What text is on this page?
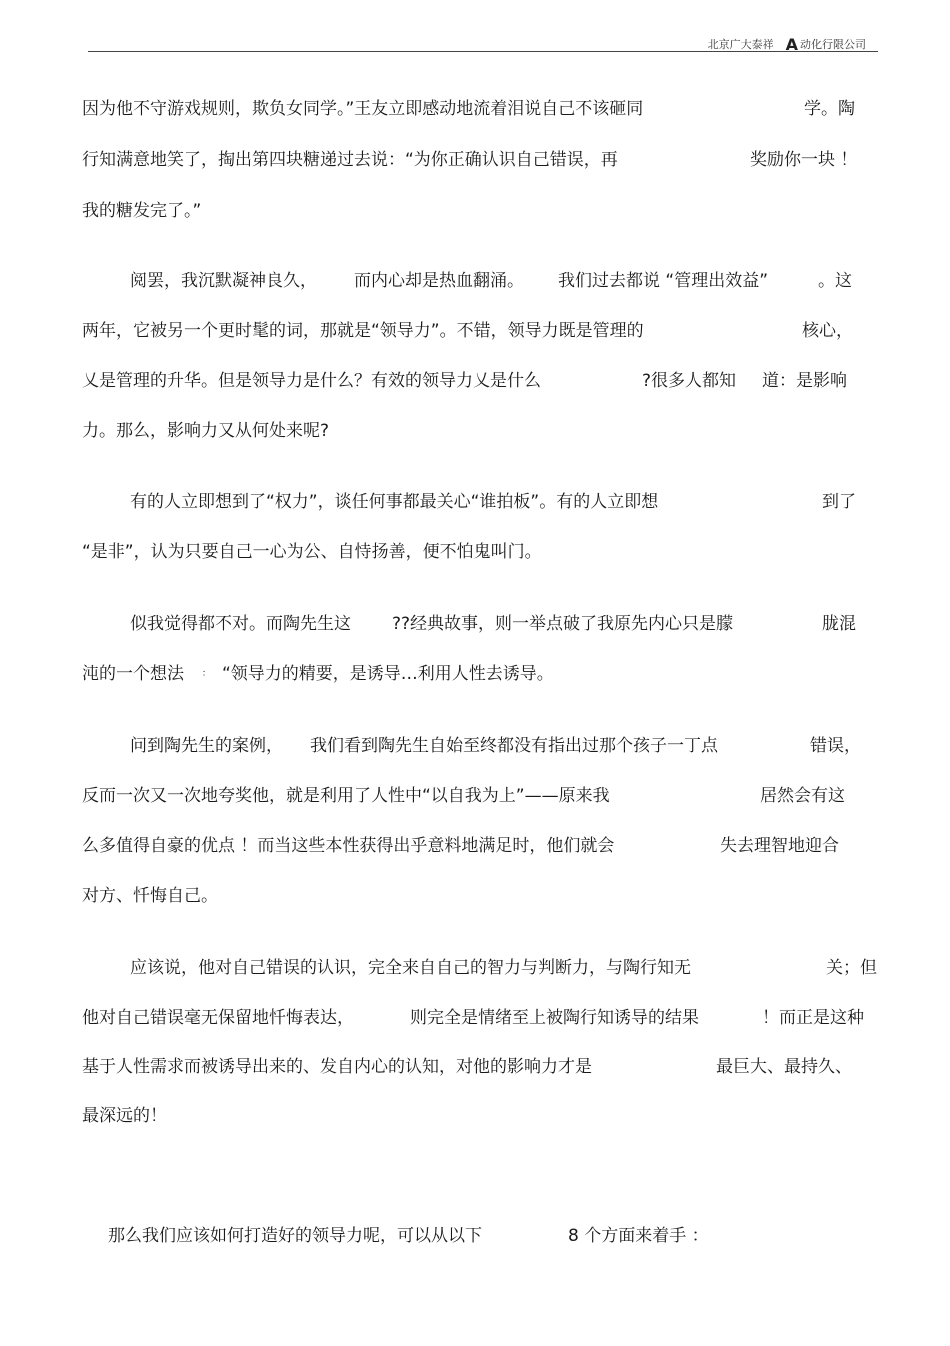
北京广大泰祥 A 动化行限公司
因为他不守游戏规则，欺负女同学。”王友立即感动地流着泪说自己不该砸同	学。陶
行知满意地笑了，掏出第四块糖递过去说：“为你正确认识自己错误，再	奖励你一块 ！
我的糖发完了。”
阅罢，我沉默凝神良久， 而内心却是热血翻涌。 我们过去都说 “管理出效益”	。这
两年，它被另一个更时髦的词，那就是“领导力”。不错，领导力既是管理的	核心，
乂是管理的升华。但是领导力是什么？有效的领导力乂是什么	?很多人都知 道：是影响
力。那么，影响力又从何处来呢?
有的人立即想到了“权力”，谈任何事都最关心“谁拍板”。有的人立即想	到了
“是非”，认为只要自己一心为公、自恃扬善，便不怕鬼叫门。
似我觉得都不对。而陶先生这 ??经典故事，则一举点破了我原先内心只是朦	胧混
沌的一个想法 ： “领导力的精要，是诱导…利用人性去诱导。
问到陶先生的案例， 我们看到陶先生自始至终都没有指出过那个孩子一丁点	错误，
反而一次又一次地夸奖他，就是利用了人性中“以自我为上”——原来我	居然会有这
么多值得自豪的优点 ！而当这些本性获得出乎意料地满足时，他们就会	失去理智地迎合
对方、忏悔自己。
应该说，他对自己错误的认识，完全来自自己的智力与判断力，与陶行知无	关；但
他对自己错误毫无保留地忏悔表达，	则完全是情绪至上被陶行知诱导的结果	！而正是这种
基于人性需求而被诱导出来的、发自内心的认知，对他的影响力才是	最巨大、最持久、
最深远的！
那么我们应该如何打造好的领导力呢，可以从以下	8 个方面来着手 ：
